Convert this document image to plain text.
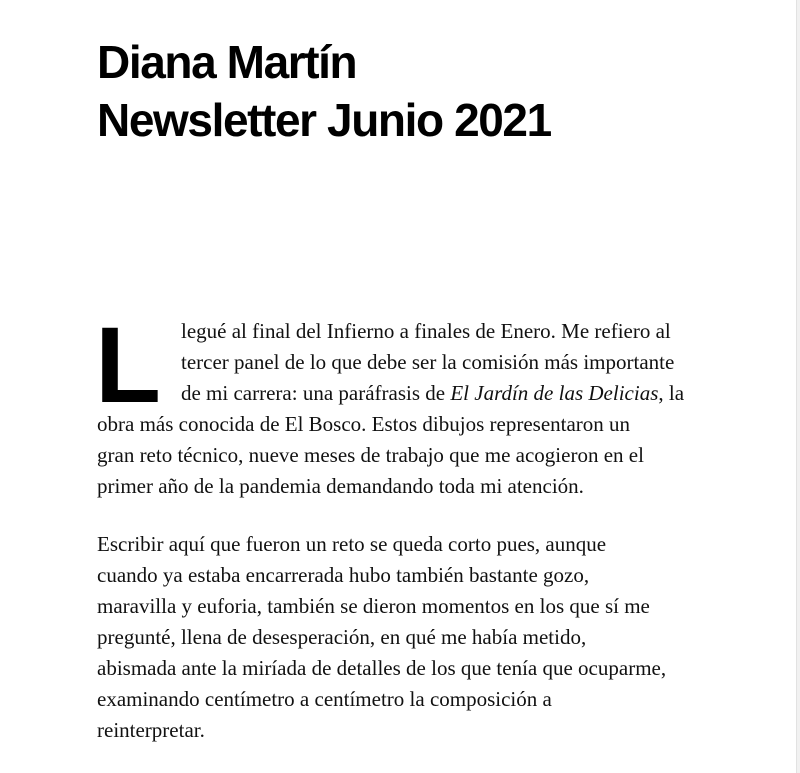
Diana Martín
Newsletter Junio 2021

L legué al final del Infierno a finales de Enero. Me refiero al
tercer panel de lo que debe ser la comisión más importante
de mi carrera: una paráfrasis de El Jardín de las Delicias, la
obra más conocida de El Bosco. Estos dibujos representaron un
gran reto técnico, nueve meses de trabajo que me acogieron en el
primer año de la pandemia demandando toda mi atención.

Escribir aquí que fueron un reto se queda corto pues, aunque
cuando ya estaba encarrerada hubo también bastante gozo,
maravilla y euforia, también se dieron momentos en los que sí me
pregunté, llena de desesperación, en qué me había metido,
abismada ante la miríada de detalles de los que tenía que ocuparme,
examinando centímetro a centímetro la composición a
reinterpretar.
